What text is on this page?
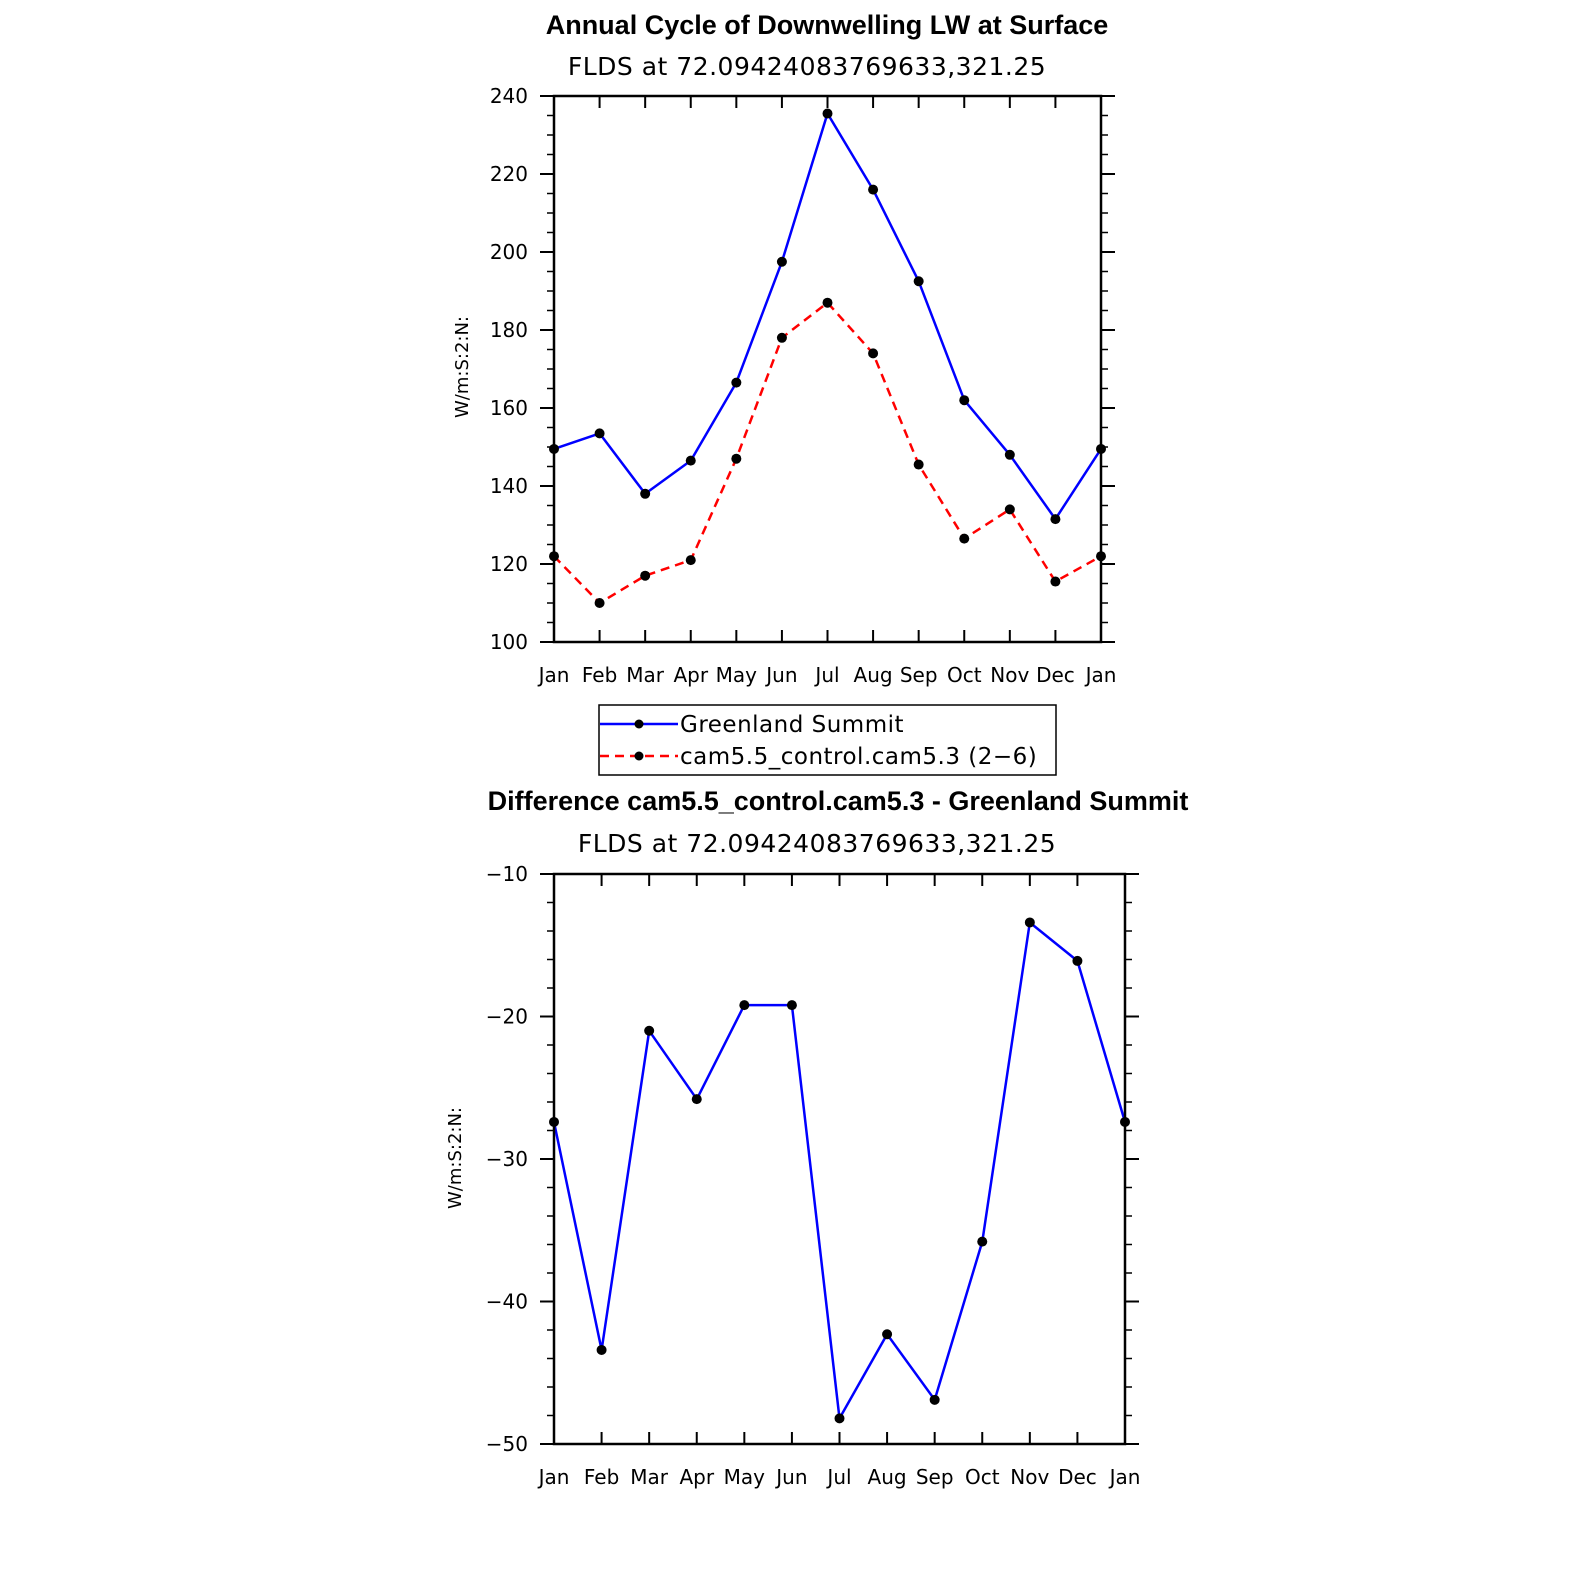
Annual Cycle of Downwelling LW at Surface
FLDS at 72.09424083769633,321.25
W/m:S:2:N:
100
120
140
160
180
200
220
240
Jan Feb Mar Apr May Jun Jul Aug Sep Oct Nov Dec Jan
Greenland Summit
cam5.5_control.cam5.3 (2−6)
Difference cam5.5_control.cam5.3 - Greenland Summit
FLDS at 72.09424083769633,321.25
W/m:S:2:N:
−50
−40
−30
−20
−10
Jan Feb Mar Apr May Jun Jul Aug Sep Oct Nov Dec Jan
